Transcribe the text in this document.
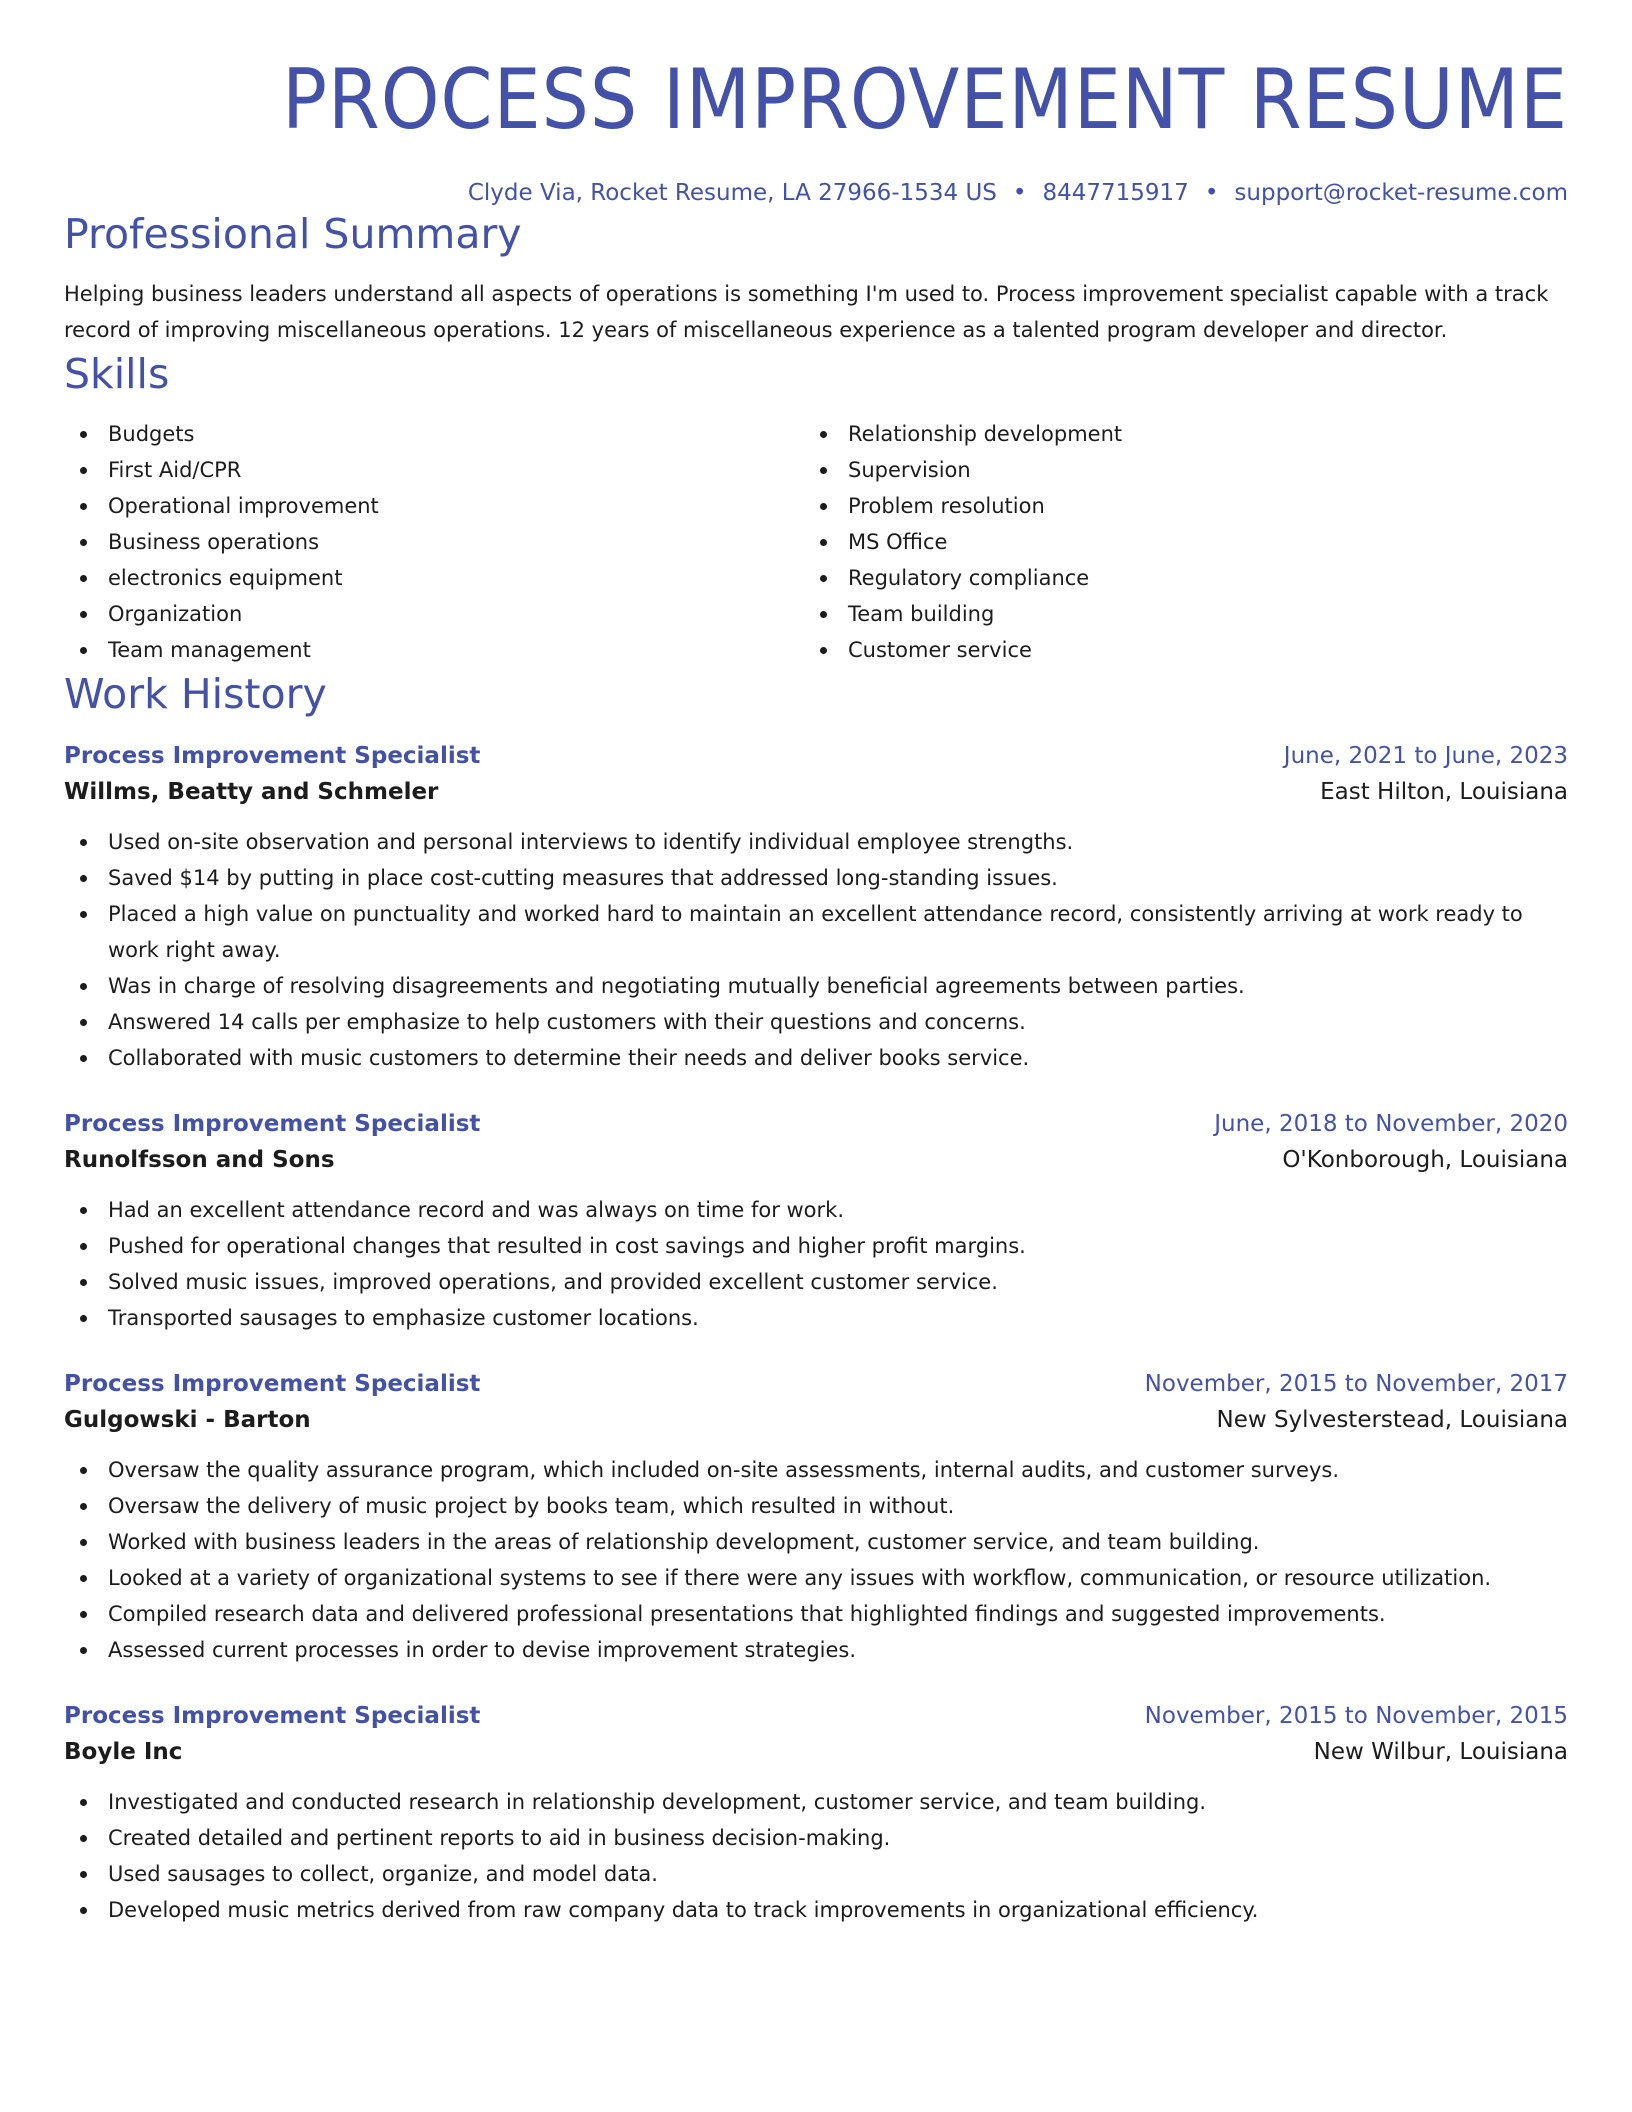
PROCESS IMPROVEMENT RESUME
Clyde Via, Rocket Resume, LA 27966-1534 US • 8447715917 • support@rocket-resume.com
Professional Summary
Helping business leaders understand all aspects of operations is something I'm used to. Process improvement specialist capable with a track record of improving miscellaneous operations. 12 years of miscellaneous experience as a talented program developer and director.
Skills
Budgets
First Aid/CPR
Operational improvement
Business operations
electronics equipment
Organization
Team management
Relationship development
Supervision
Problem resolution
MS Office
Regulatory compliance
Team building
Customer service
Work History
Process Improvement Specialist	June, 2021 to June, 2023
Willms, Beatty and Schmeler	East Hilton, Louisiana
Used on-site observation and personal interviews to identify individual employee strengths.
Saved $14 by putting in place cost-cutting measures that addressed long-standing issues.
Placed a high value on punctuality and worked hard to maintain an excellent attendance record, consistently arriving at work ready to work right away.
Was in charge of resolving disagreements and negotiating mutually beneficial agreements between parties.
Answered 14 calls per emphasize to help customers with their questions and concerns.
Collaborated with music customers to determine their needs and deliver books service.
Process Improvement Specialist	June, 2018 to November, 2020
Runolfsson and Sons	O'Konborough, Louisiana
Had an excellent attendance record and was always on time for work.
Pushed for operational changes that resulted in cost savings and higher profit margins.
Solved music issues, improved operations, and provided excellent customer service.
Transported sausages to emphasize customer locations.
Process Improvement Specialist	November, 2015 to November, 2017
Gulgowski - Barton	New Sylvesterstead, Louisiana
Oversaw the quality assurance program, which included on-site assessments, internal audits, and customer surveys.
Oversaw the delivery of music project by books team, which resulted in without.
Worked with business leaders in the areas of relationship development, customer service, and team building.
Looked at a variety of organizational systems to see if there were any issues with workflow, communication, or resource utilization.
Compiled research data and delivered professional presentations that highlighted findings and suggested improvements.
Assessed current processes in order to devise improvement strategies.
Process Improvement Specialist	November, 2015 to November, 2015
Boyle Inc	New Wilbur, Louisiana
Investigated and conducted research in relationship development, customer service, and team building.
Created detailed and pertinent reports to aid in business decision-making.
Used sausages to collect, organize, and model data.
Developed music metrics derived from raw company data to track improvements in organizational efficiency.
